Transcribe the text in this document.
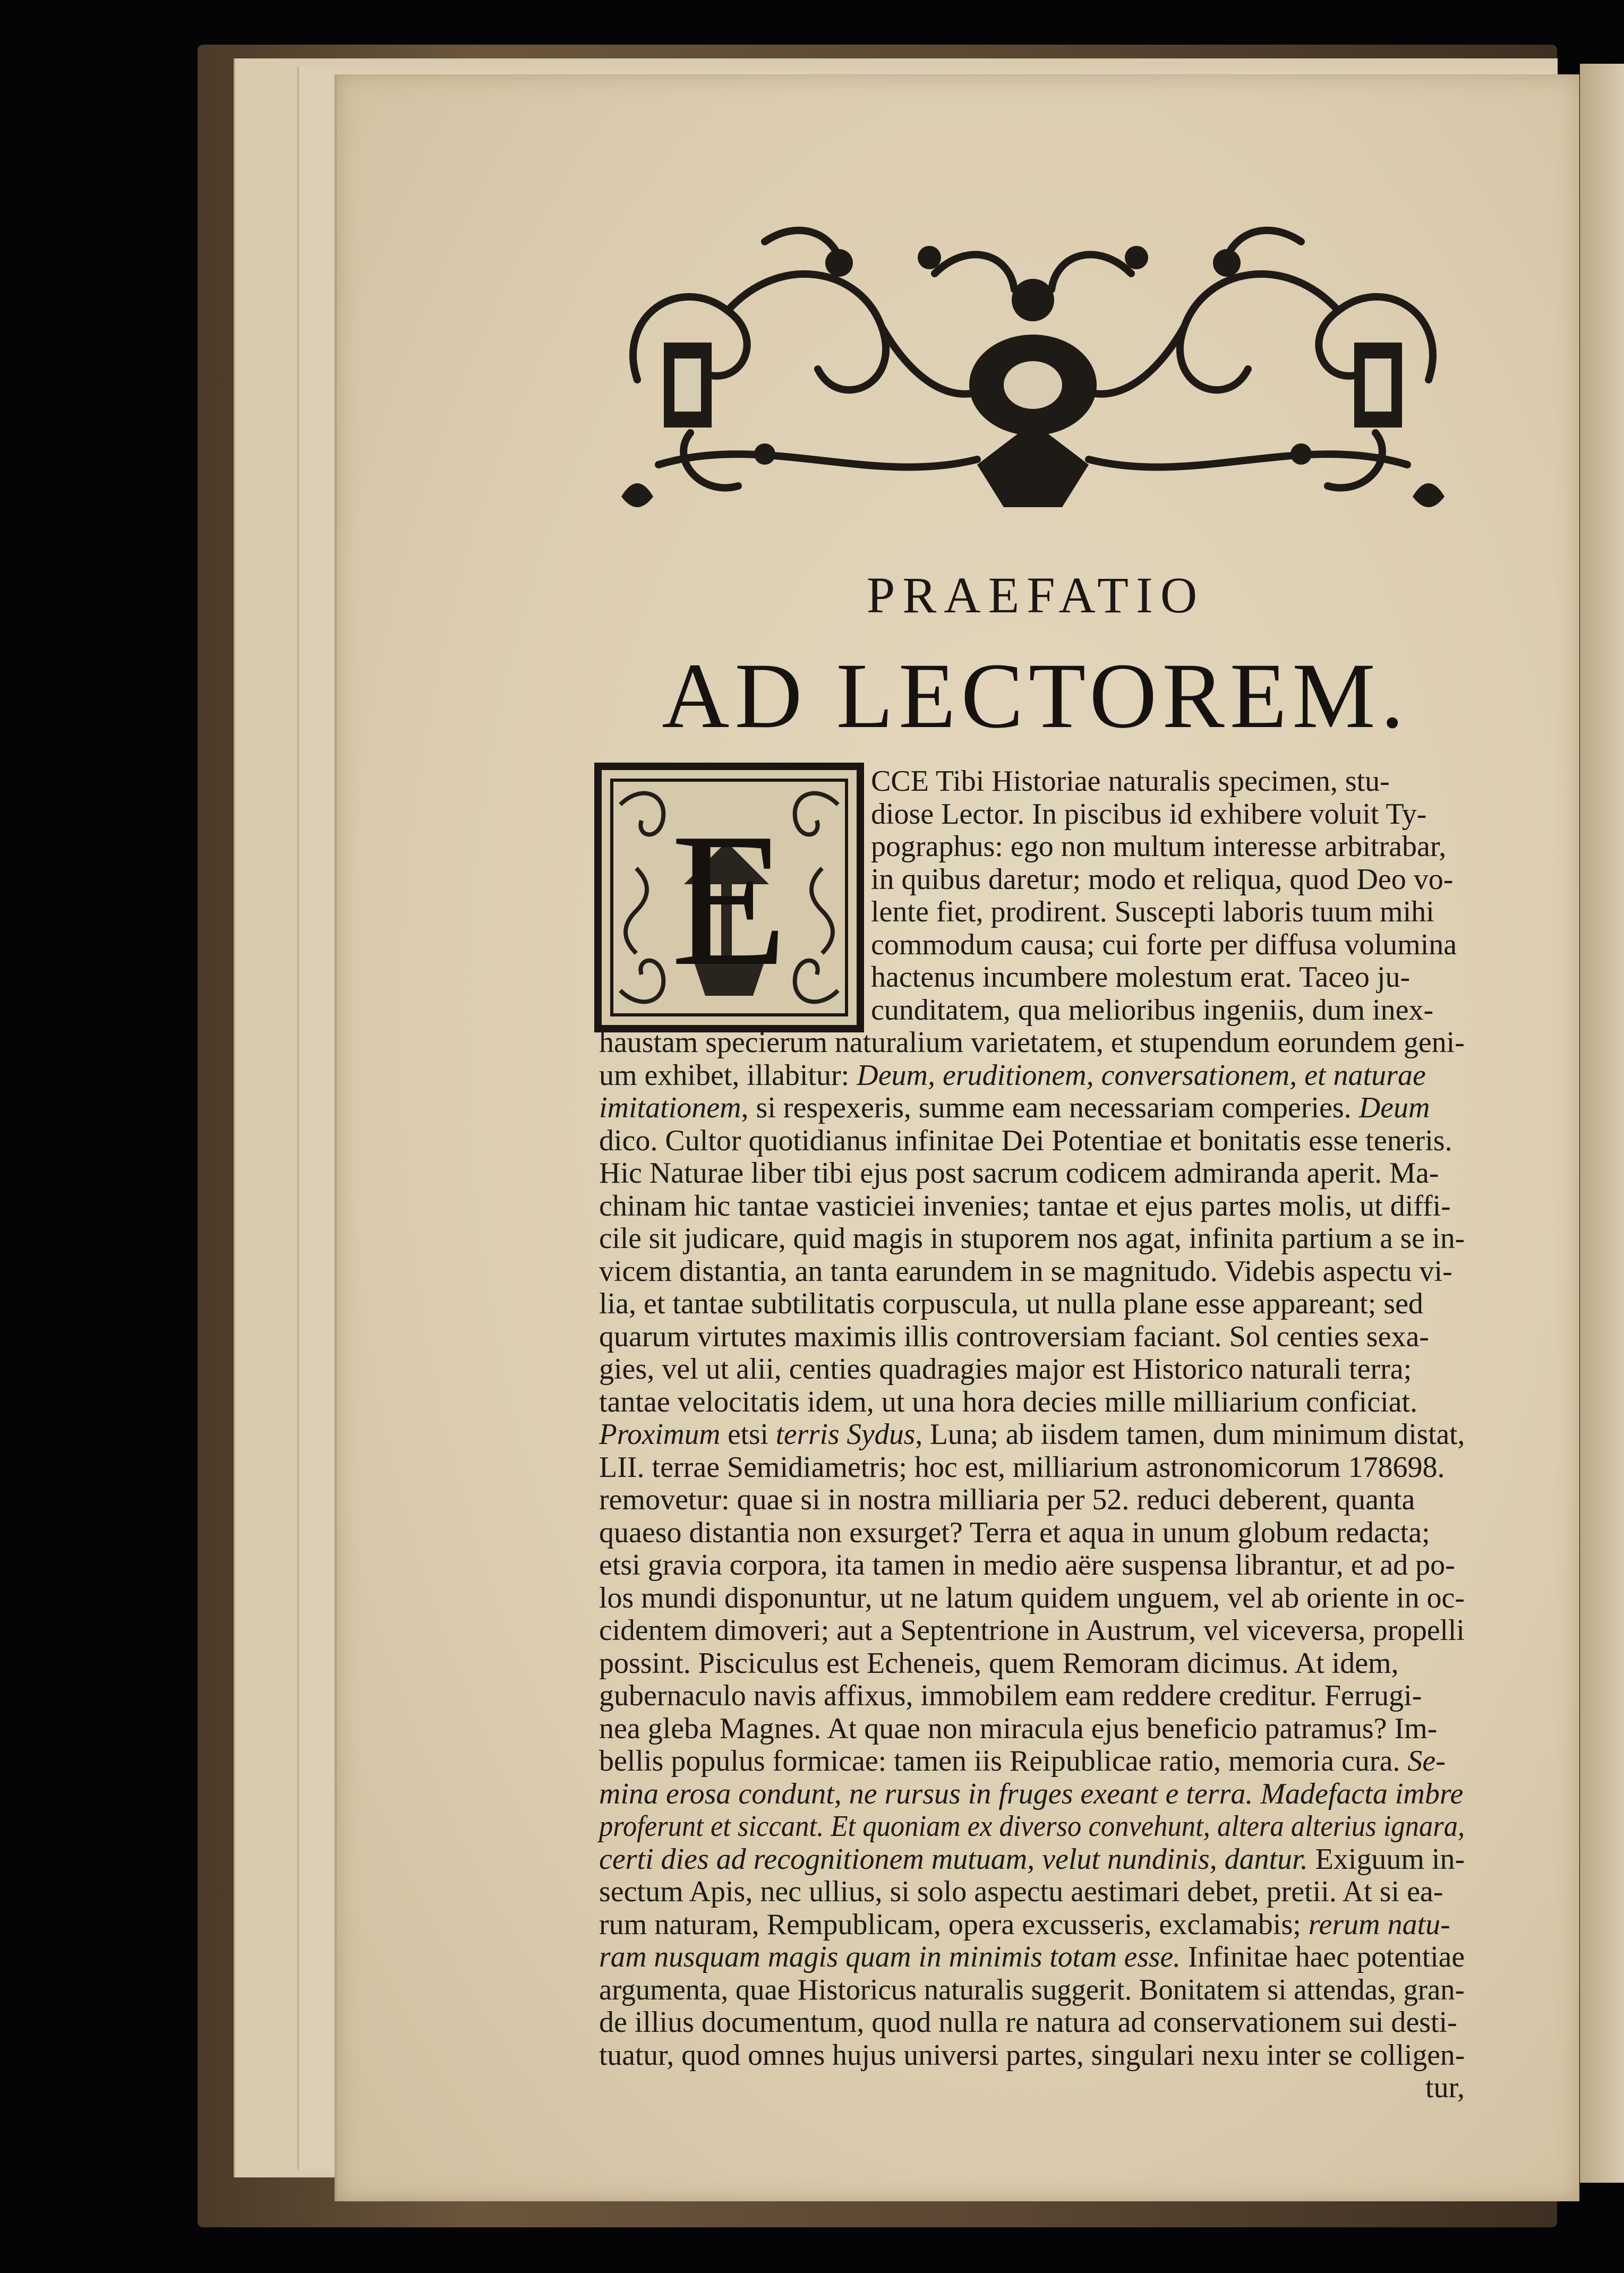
PRAEFATIO
AD LECTOREM.
E
CCE Tibi Historiae naturalis specimen, stu-
diose Lector. In piscibus id exhibere voluit Ty-
pographus: ego non multum interesse arbitrabar,
in quibus daretur; modo et reliqua, quod Deo vo-
lente fiet, prodirent. Suscepti laboris tuum mihi
commodum causa; cui forte per diffusa volumina
hactenus incumbere molestum erat. Taceo ju-
cunditatem, qua melioribus ingeniis, dum inex-
haustam specierum naturalium varietatem, et stupendum eorundem geni-
um exhibet, illabitur: Deum, eruditionem, conversationem, et naturae
imitationem, si respexeris, summe eam necessariam comperies. Deum
dico. Cultor quotidianus infinitae Dei Potentiae et bonitatis esse teneris.
Hic Naturae liber tibi ejus post sacrum codicem admiranda aperit. Ma-
chinam hic tantae vasticiei invenies; tantae et ejus partes molis, ut diffi-
cile sit judicare, quid magis in stuporem nos agat, infinita partium a se in-
vicem distantia, an tanta earundem in se magnitudo. Videbis aspectu vi-
lia, et tantae subtilitatis corpuscula, ut nulla plane esse appareant; sed
quarum virtutes maximis illis controversiam faciant. Sol centies sexa-
gies, vel ut alii, centies quadragies major est Historico naturali terra;
tantae velocitatis idem, ut una hora decies mille milliarium conficiat.
Proximum etsi terris Sydus, Luna; ab iisdem tamen, dum minimum distat,
LII. terrae Semidiametris; hoc est, milliarium astronomicorum 178698.
removetur: quae si in nostra milliaria per 52. reduci deberent, quanta
quaeso distantia non exsurget? Terra et aqua in unum globum redacta;
etsi gravia corpora, ita tamen in medio aëre suspensa librantur, et ad po-
los mundi disponuntur, ut ne latum quidem unguem, vel ab oriente in oc-
cidentem dimoveri; aut a Septentrione in Austrum, vel viceversa, propelli
possint. Pisciculus est Echeneis, quem Remoram dicimus. At idem,
gubernaculo navis affixus, immobilem eam reddere creditur. Ferrugi-
nea gleba Magnes. At quae non miracula ejus beneficio patramus? Im-
bellis populus formicae: tamen iis Reipublicae ratio, memoria cura. Se-
mina erosa condunt, ne rursus in fruges exeant e terra. Madefacta imbre
proferunt et siccant. Et quoniam ex diverso convehunt, altera alterius ignara,
certi dies ad recognitionem mutuam, velut nundinis, dantur. Exiguum in-
sectum Apis, nec ullius, si solo aspectu aestimari debet, pretii. At si ea-
rum naturam, Rempublicam, opera excusseris, exclamabis; rerum natu-
ram nusquam magis quam in minimis totam esse. Infinitae haec potentiae
argumenta, quae Historicus naturalis suggerit. Bonitatem si attendas, gran-
de illius documentum, quod nulla re natura ad conservationem sui desti-
tuatur, quod omnes hujus universi partes, singulari nexu inter se colligen-
tur,
